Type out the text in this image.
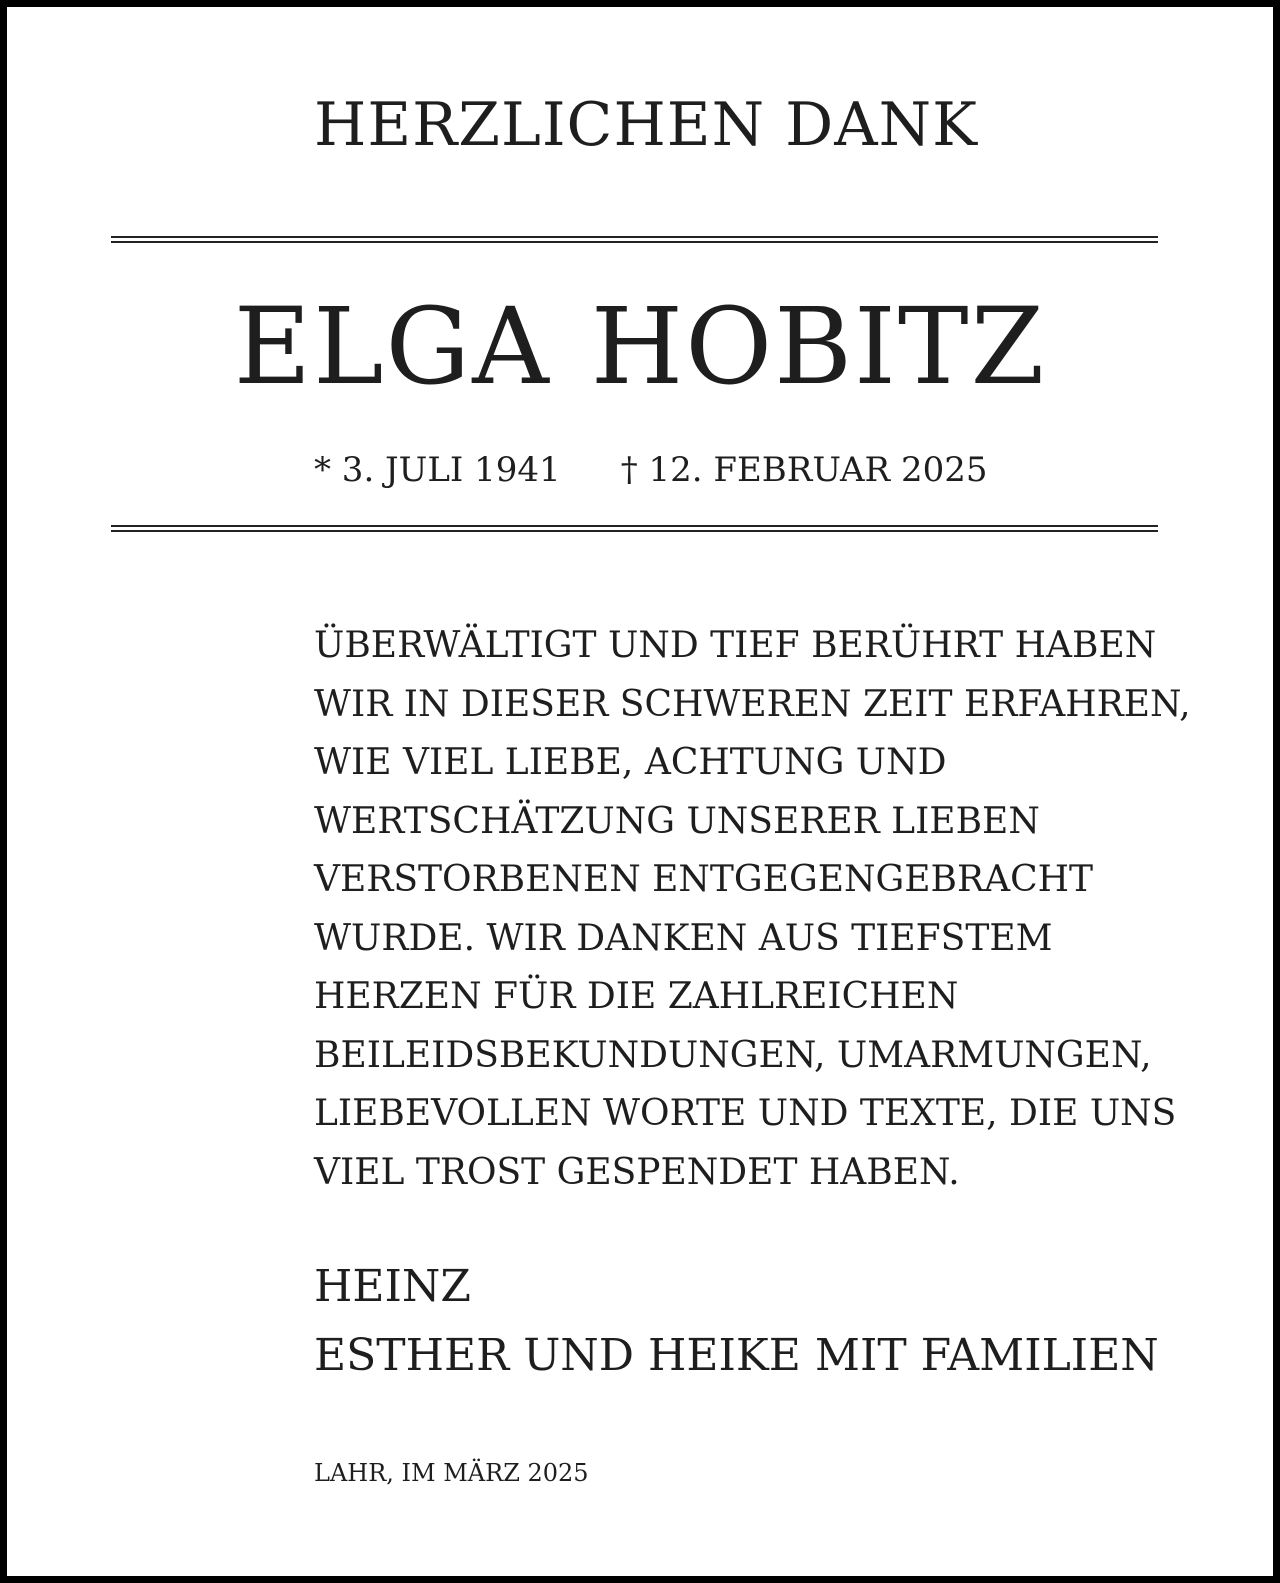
HERZLICHEN DANK
ELGA HOBITZ
* 3. JULI 1941 † 12. FEBRUAR 2025

ÜBERWÄLTIGT UND TIEF BERÜHRT HABEN
WIR IN DIESER SCHWEREN ZEIT ERFAHREN,
WIE VIEL LIEBE, ACHTUNG UND
WERTSCHÄTZUNG UNSERER LIEBEN
VERSTORBENEN ENTGEGENGEBRACHT
WURDE. WIR DANKEN AUS TIEFSTEM
HERZEN FÜR DIE ZAHLREICHEN
BEILEIDSBEKUNDUNGEN, UMARMUNGEN,
LIEBEVOLLEN WORTE UND TEXTE, DIE UNS
VIEL TROST GESPENDET HABEN.

HEINZ
ESTHER UND HEIKE MIT FAMILIEN
LAHR, IM MÄRZ 2025
